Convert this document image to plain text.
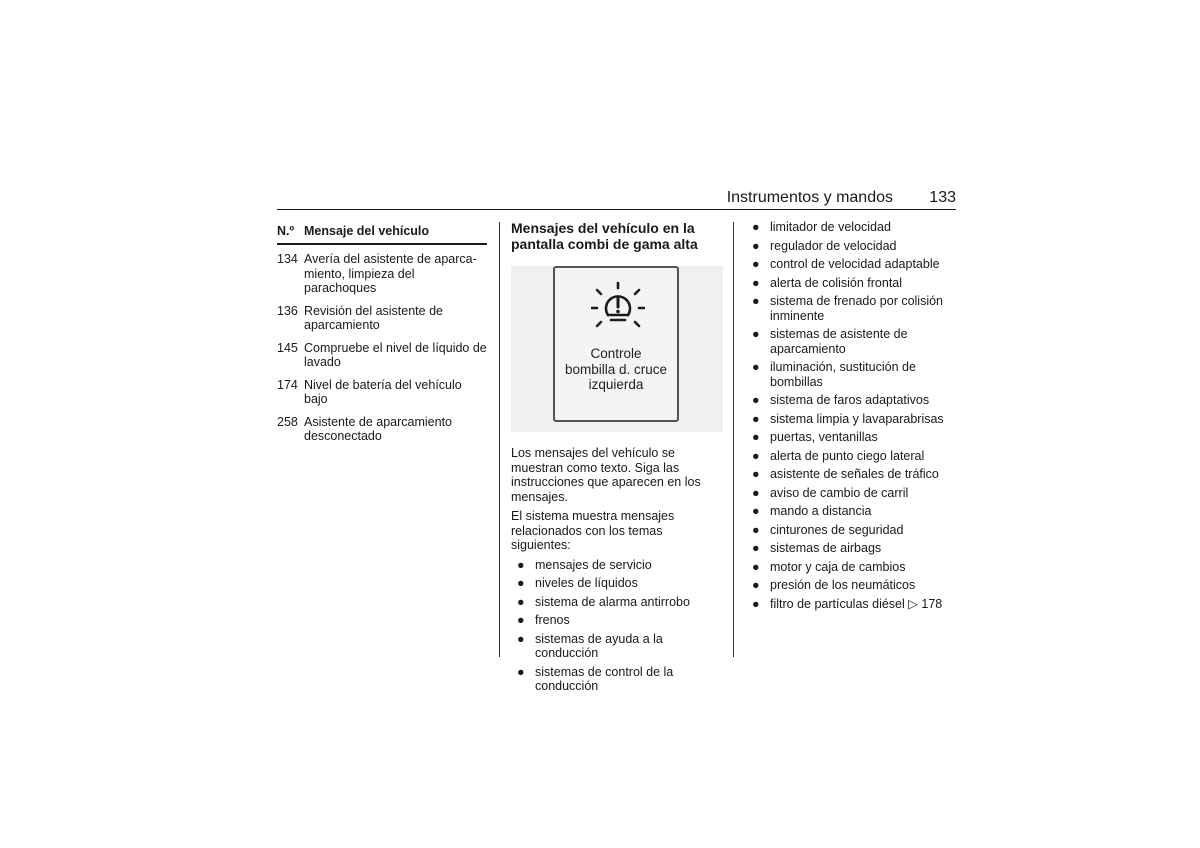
Instrumentos y mandos 133
N.º Mensaje del vehículo
134 Avería del asistente de aparca-
miento, limpieza del parachoques
136 Revisión del asistente de aparcamiento
145 Compruebe el nivel de líquido de lavado
174 Nivel de batería del vehículo bajo
258 Asistente de aparcamiento desconectado
Mensajes del vehículo en la pantalla combi de gama alta
Controle
bombilla d. cruce
izquierda

Los mensajes del vehículo se muestran como texto. Siga las instrucciones que aparecen en los mensajes.

El sistema muestra mensajes relacionados con los temas siguientes:

● mensajes de servicio
● niveles de líquidos
● sistema de alarma antirrobo
● frenos
● sistemas de ayuda a la conducción
● sistemas de control de la conducción
● limitador de velocidad
● regulador de velocidad
● control de velocidad adaptable
● alerta de colisión frontal
● sistema de frenado por colisión inminente
● sistemas de asistente de aparcamiento
● iluminación, sustitución de bombillas
● sistema de faros adaptativos
● sistema limpia y lavaparabrisas
● puertas, ventanillas
● alerta de punto ciego lateral
● asistente de señales de tráfico
● aviso de cambio de carril
● mando a distancia
● cinturones de seguridad
● sistemas de airbags
● motor y caja de cambios
● presión de los neumáticos
● filtro de partículas diésel ▷ 178
